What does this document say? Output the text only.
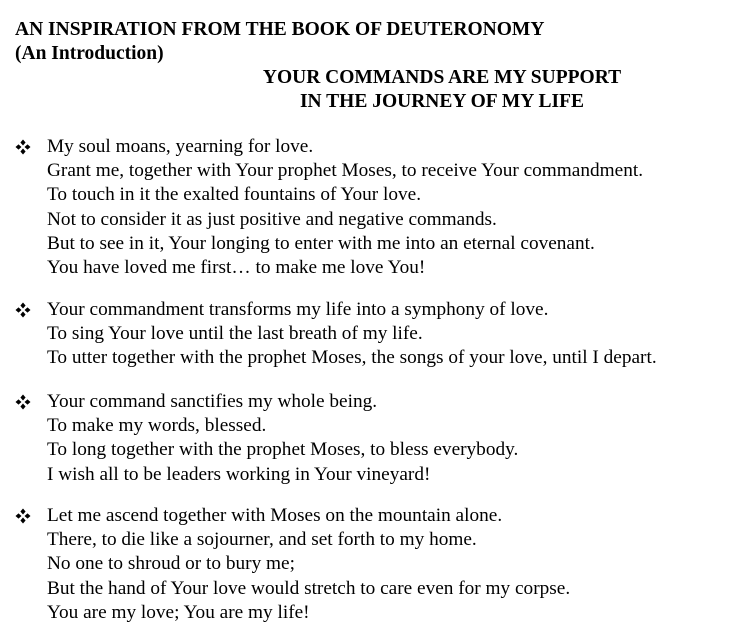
AN INSPIRATION FROM THE BOOK OF DEUTERONOMY
(An Introduction)
YOUR COMMANDS ARE MY SUPPORT
IN THE JOURNEY OF MY LIFE
My soul moans, yearning for love.
Grant me, together with Your prophet Moses, to receive Your commandment.
To touch in it the exalted fountains of Your love.
Not to consider it as just positive and negative commands.
But to see in it, Your longing to enter with me into an eternal covenant.
You have loved me first… to make me love You!
Your commandment transforms my life into a symphony of love.
To sing Your love until the last breath of my life.
To utter together with the prophet Moses, the songs of your love, until I depart.
Your command sanctifies my whole being.
To make my words, blessed.
To long together with the prophet Moses, to bless everybody.
I wish all to be leaders working in Your vineyard!
Let me ascend together with Moses on the mountain alone.
There, to die like a sojourner, and set forth to my home.
No one to shroud or to bury me;
But the hand of Your love would stretch to care even for my corpse.
You are my love; You are my life!
